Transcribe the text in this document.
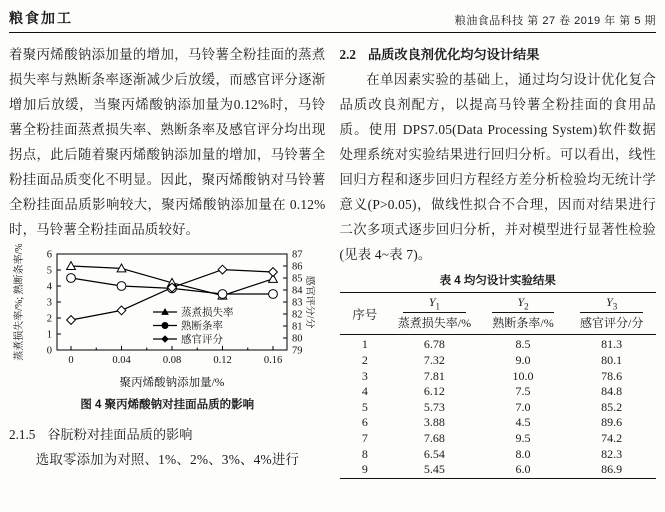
粮食加工	粮油食品科技 第 27 卷 2019 年 第 5 期

着聚丙烯酸钠添加量的增加，马铃薯全粉挂面的蒸煮损失率与熟断条率逐渐减少后放缓，而感官评分逐渐增加后放缓，当聚丙烯酸钠添加量为0.12%时，马铃薯全粉挂面蒸煮损失率、熟断条率及感官评分均出现拐点，此后随着聚丙烯酸钠添加量的增加，马铃薯全粉挂面品质变化不明显。因此，聚丙烯酸钠对马铃薯全粉挂面品质影响较大，聚丙烯酸钠添加量在 0.12%时，马铃薯全粉挂面品质较好。

0
1
2
3
4
5
6
79
80
81
82
83
84
85
86
87
0	0.04	0.08	0.12	0.16
聚丙烯酸钠添加量/%
蒸煮损失率/%; 熟断条率/%	感官评分/分
蒸煮损失率
熟断条率
感官评分
图 4 聚丙烯酸钠对挂面品质的影响
2.1.5 谷朊粉对挂面品质的影响

选取零添加为对照、1%、2%、3%、4%进行

2.2 品质改良剂优化均匀设计结果

在单因素实验的基础上，通过均匀设计优化复合品质改良剂配方，以提高马铃薯全粉挂面的食用品质。使用 DPS7.05(Data Processing System)软件数据处理系统对实验结果进行回归分析。可以看出，线性回归方程和逐步回归方程经方差分析检验均无统计学意义(P>0.05)，做线性拟合不合理，因而对结果进行二次多项式逐步回归分析，并对模型进行显著性检验(见表 4~表 7)。

表 4 均匀设计实验结果
序号	$Y_1$	$Y_2$	$Y_3$

	蒸煮损失率/%	熟断条率/%	感官评分/分
1	6.78	8.5	81.3
2	7.32	9.0	80.1
3	7.81	10.0	78.6
4	6.12	7.5	84.8
5	5.73	7.0	85.2
6	3.88	4.5	89.6
7	7.68	9.5	74.2
8	6.54	8.0	82.3
9	5.45	6.0	86.9
